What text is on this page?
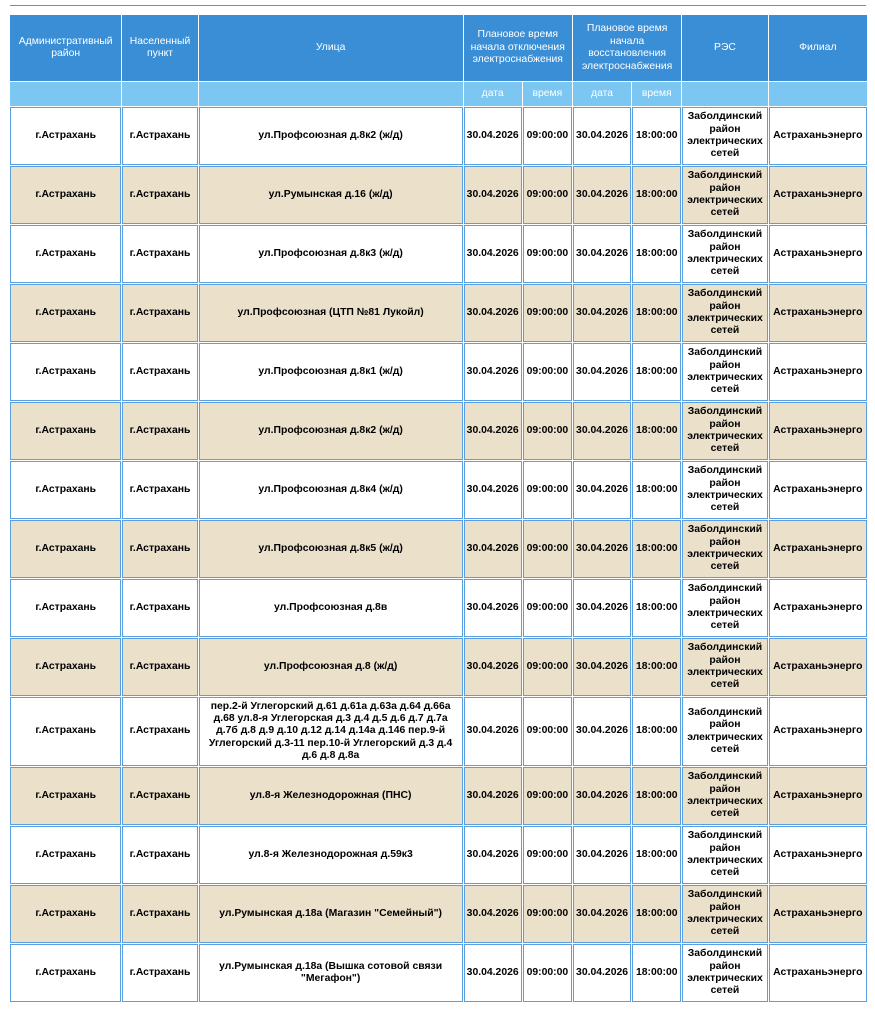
Административный район	Населенный пункт	Улица	Плановое время начала отключения электроснабжения		Плановое время начала восстановления электроснабжения		РЭС	Филиал
			дата	время	дата	время		
г.Астрахань	г.Астрахань	ул.Профсоюзная д.8к2 (ж/д)	30.04.2026	09:00:00	30.04.2026	18:00:00	Заболдинский район электрических сетей	Астраханьэнерго
г.Астрахань	г.Астрахань	ул.Румынская д.16 (ж/д)	30.04.2026	09:00:00	30.04.2026	18:00:00	Заболдинский район электрических сетей	Астраханьэнерго
г.Астрахань	г.Астрахань	ул.Профсоюзная д.8к3 (ж/д)	30.04.2026	09:00:00	30.04.2026	18:00:00	Заболдинский район электрических сетей	Астраханьэнерго
г.Астрахань	г.Астрахань	ул.Профсоюзная (ЦТП №81 Лукойл)	30.04.2026	09:00:00	30.04.2026	18:00:00	Заболдинский район электрических сетей	Астраханьэнерго
г.Астрахань	г.Астрахань	ул.Профсоюзная д.8к1 (ж/д)	30.04.2026	09:00:00	30.04.2026	18:00:00	Заболдинский район электрических сетей	Астраханьэнерго
г.Астрахань	г.Астрахань	ул.Профсоюзная д.8к2 (ж/д)	30.04.2026	09:00:00	30.04.2026	18:00:00	Заболдинский район электрических сетей	Астраханьэнерго
г.Астрахань	г.Астрахань	ул.Профсоюзная д.8к4 (ж/д)	30.04.2026	09:00:00	30.04.2026	18:00:00	Заболдинский район электрических сетей	Астраханьэнерго
г.Астрахань	г.Астрахань	ул.Профсоюзная д.8к5 (ж/д)	30.04.2026	09:00:00	30.04.2026	18:00:00	Заболдинский район электрических сетей	Астраханьэнерго
г.Астрахань	г.Астрахань	ул.Профсоюзная д.8в	30.04.2026	09:00:00	30.04.2026	18:00:00	Заболдинский район электрических сетей	Астраханьэнерго
г.Астрахань	г.Астрахань	ул.Профсоюзная д.8 (ж/д)	30.04.2026	09:00:00	30.04.2026	18:00:00	Заболдинский район электрических сетей	Астраханьэнерго
г.Астрахань	г.Астрахань	пер.2-й Углегорский д.61 д.61а д.63а д.64 д.66а д.68 ул.8-я Углегорская д.3 д.4 д.5 д.6 д.7 д.7а д.7б д.8 д.9 д.10 д.12 д.14 д.14а д.146 пер.9-й Углегорский д.3-11 пер.10-й Углегорский д.3 д.4 д.6 д.8 д.8а	30.04.2026	09:00:00	30.04.2026	18:00:00	Заболдинский район электрических сетей	Астраханьэнерго
г.Астрахань	г.Астрахань	ул.8-я Железнодорожная (ПНС)	30.04.2026	09:00:00	30.04.2026	18:00:00	Заболдинский район электрических сетей	Астраханьэнерго
г.Астрахань	г.Астрахань	ул.8-я Железнодорожная д.59к3	30.04.2026	09:00:00	30.04.2026	18:00:00	Заболдинский район электрических сетей	Астраханьэнерго
г.Астрахань	г.Астрахань	ул.Румынская д.18а (Магазин "Семейный")	30.04.2026	09:00:00	30.04.2026	18:00:00	Заболдинский район электрических сетей	Астраханьэнерго
г.Астрахань	г.Астрахань	ул.Румынская д.18а (Вышка сотовой связи "Мегафон")	30.04.2026	09:00:00	30.04.2026	18:00:00	Заболдинский район электрических сетей	Астраханьэнерго
